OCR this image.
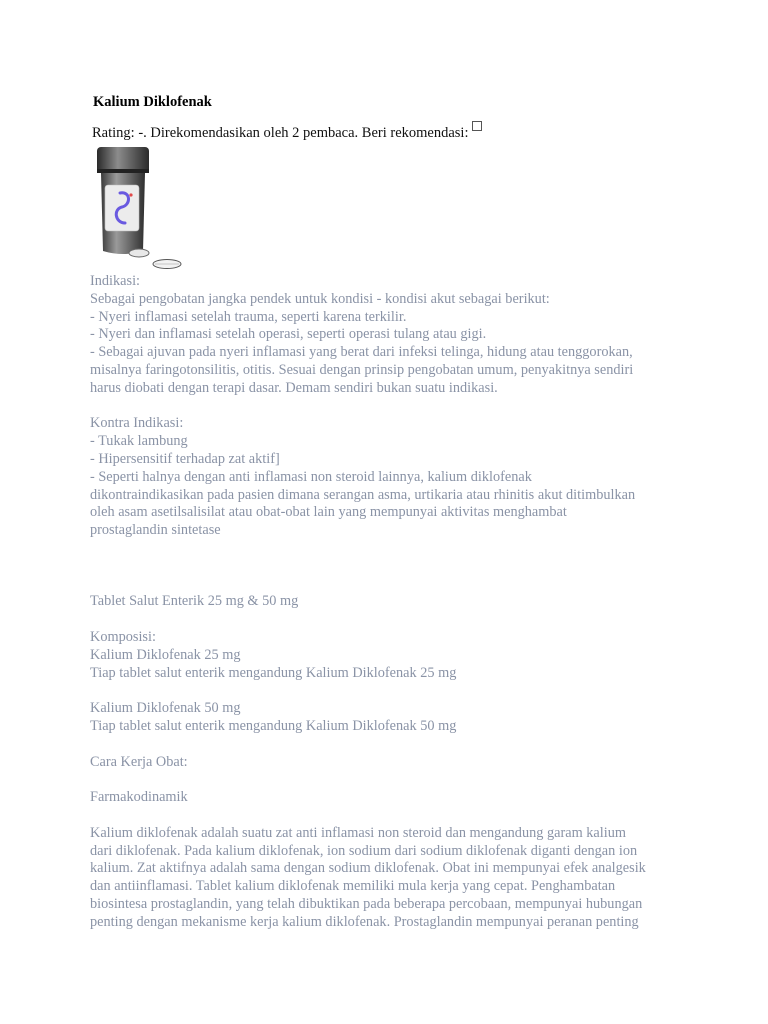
Kalium Diklofenak
Rating: -. Direkomendasikan oleh 2 pembaca. Beri rekomendasi:
Indikasi:
Sebagai pengobatan jangka pendek untuk kondisi - kondisi akut sebagai berikut:
- Nyeri inflamasi setelah trauma, seperti karena terkilir.
- Nyeri dan inflamasi setelah operasi, seperti operasi tulang atau gigi.
- Sebagai ajuvan pada nyeri inflamasi yang berat dari infeksi telinga, hidung atau tenggorokan,
misalnya faringotonsilitis, otitis. Sesuai dengan prinsip pengobatan umum, penyakitnya sendiri
harus diobati dengan terapi dasar. Demam sendiri bukan suatu indikasi.
Kontra Indikasi:
- Tukak lambung
- Hipersensitif terhadap zat aktif]
- Seperti halnya dengan anti inflamasi non steroid lainnya, kalium diklofenak
dikontraindikasikan pada pasien dimana serangan asma, urtikaria atau rhinitis akut ditimbulkan
oleh asam asetilsalisilat atau obat-obat lain yang mempunyai aktivitas menghambat
prostaglandin sintetase
Tablet Salut Enterik 25 mg & 50 mg
Komposisi:
Kalium Diklofenak 25 mg
Tiap tablet salut enterik mengandung Kalium Diklofenak 25 mg
Kalium Diklofenak 50 mg
Tiap tablet salut enterik mengandung Kalium Diklofenak 50 mg
Cara Kerja Obat:
Farmakodinamik
Kalium diklofenak adalah suatu zat anti inflamasi non steroid dan mengandung garam kalium
dari diklofenak. Pada kalium diklofenak, ion sodium dari sodium diklofenak diganti dengan ion
kalium. Zat aktifnya adalah sama dengan sodium diklofenak. Obat ini mempunyai efek analgesik
dan antiinflamasi. Tablet kalium diklofenak memiliki mula kerja yang cepat. Penghambatan
biosintesa prostaglandin, yang telah dibuktikan pada beberapa percobaan, mempunyai hubungan
penting dengan mekanisme kerja kalium diklofenak. Prostaglandin mempunyai peranan penting
